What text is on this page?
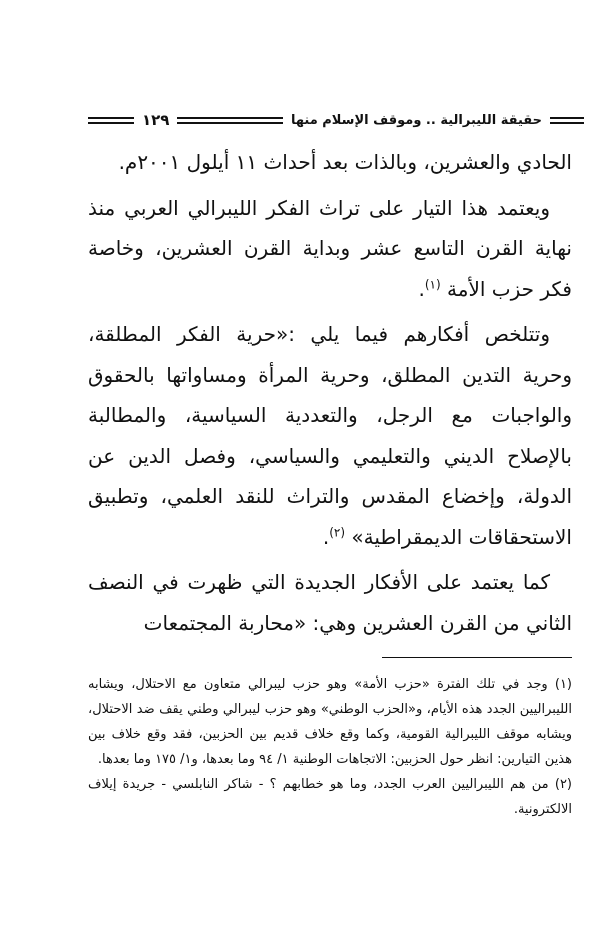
حقيقة الليبرالية .. وموقف الإسلام منها
١٢٩

الحادي والعشرين، وبالذات بعد أحداث ١١ أيلول ٢٠٠١م.

ويعتمد هذا التيار على تراث الفكر الليبرالي العربي منذ نهاية القرن التاسع عشر وبداية القرن العشرين، وخاصة فكر حزب الأمة $^{(١)}$.

وتتلخص أفكارهم فيما يلي :«حرية الفكر المطلقة، وحرية التدين المطلق، وحرية المرأة ومساواتها بالحقوق والواجبات مع الرجل، والتعددية السياسية، والمطالبة بالإصلاح الديني والتعليمي والسياسي، وفصل الدين عن الدولة، وإخضاع المقدس والتراث للنقد العلمي، وتطبيق الاستحقاقات الديمقراطية» $^{(٢)}$.

كما يعتمد على الأفكار الجديدة التي ظهرت في النصف الثاني من القرن العشرين وهي: «محاربة المجتمعات

(١) وجد في تلك الفترة «حزب الأمة» وهو حزب ليبرالي متعاون مع الاحتلال، ويشابه الليبراليين الجدد هذه الأيام، و«الحزب الوطني» وهو حزب ليبرالي وطني يقف ضد الاحتلال، ويشابه موقف الليبرالية القومية، وكما وقع خلاف قديم بين الحزبين، فقد وقع خلاف بين هذين التيارين: انظر حول الحزبين: الاتجاهات الوطنية ١/ ٩٤ وما بعدها، و١/ ١٧٥ وما بعدها.

(٢) من هم الليبراليين العرب الجدد، وما هو خطابهم ؟ - شاكر النابلسي - جريدة إيلاف الالكترونية.
